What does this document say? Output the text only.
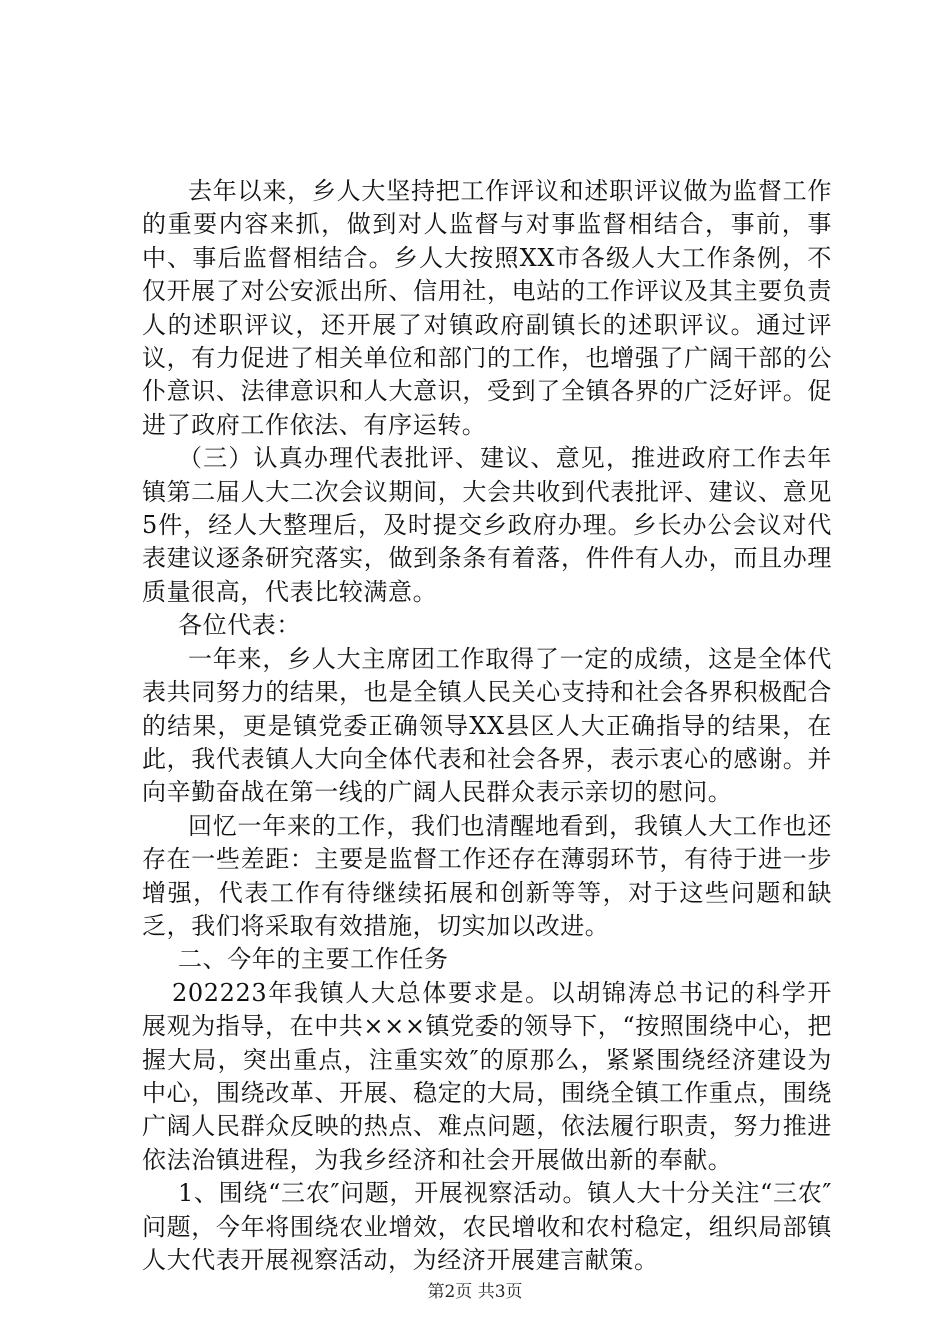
去年以来，乡人大坚持把工作评议和述职评议做为监督工作的重要内容来抓，做到对人监督与对事监督相结合，事前，事中、事后监督相结合。乡人大按照XX市各级人大工作条例，不仅开展了对公安派出所、信用社，电站的工作评议及其主要负责人的述职评议，还开展了对镇政府副镇长的述职评议。通过评议，有力促进了相关单位和部门的工作，也增强了广阔干部的公仆意识、法律意识和人大意识，受到了全镇各界的广泛好评。促进了政府工作依法、有序运转。

（三）认真办理代表批评、建议、意见，推进政府工作去年镇第二届人大二次会议期间，大会共收到代表批评、建议、意见5件，经人大整理后，及时提交乡政府办理。乡长办公会议对代表建议逐条研究落实，做到条条有着落，件件有人办，而且办理质量很高，代表比较满意。

各位代表：

一年来，乡人大主席团工作取得了一定的成绩，这是全体代表共同努力的结果，也是全镇人民关心支持和社会各界积极配合的结果，更是镇党委正确领导XX县区人大正确指导的结果，在此，我代表镇人大向全体代表和社会各界，表示衷心的感谢。并向辛勤奋战在第一线的广阔人民群众表示亲切的慰问。

回忆一年来的工作，我们也清醒地看到，我镇人大工作也还存在一些差距：主要是监督工作还存在薄弱环节，有待于进一步增强，代表工作有待继续拓展和创新等等，对于这些问题和缺乏，我们将采取有效措施，切实加以改进。

二、今年的主要工作任务

202223年我镇人大总体要求是。以胡锦涛总书记的科学开展观为指导，在中共×××镇党委的领导下，“按照围绕中心，把握大局，突出重点，注重实效″的原那么，紧紧围绕经济建设为中心，围绕改革、开展、稳定的大局，围绕全镇工作重点，围绕广阔人民群众反映的热点、难点问题，依法履行职责，努力推进依法治镇进程，为我乡经济和社会开展做出新的奉献。

1、围绕“三农″问题，开展视察活动。镇人大十分关注“三农″问题，今年将围绕农业增效，农民增收和农村稳定，组织局部镇人大代表开展视察活动，为经济开展建言献策。

第2页 共3页
